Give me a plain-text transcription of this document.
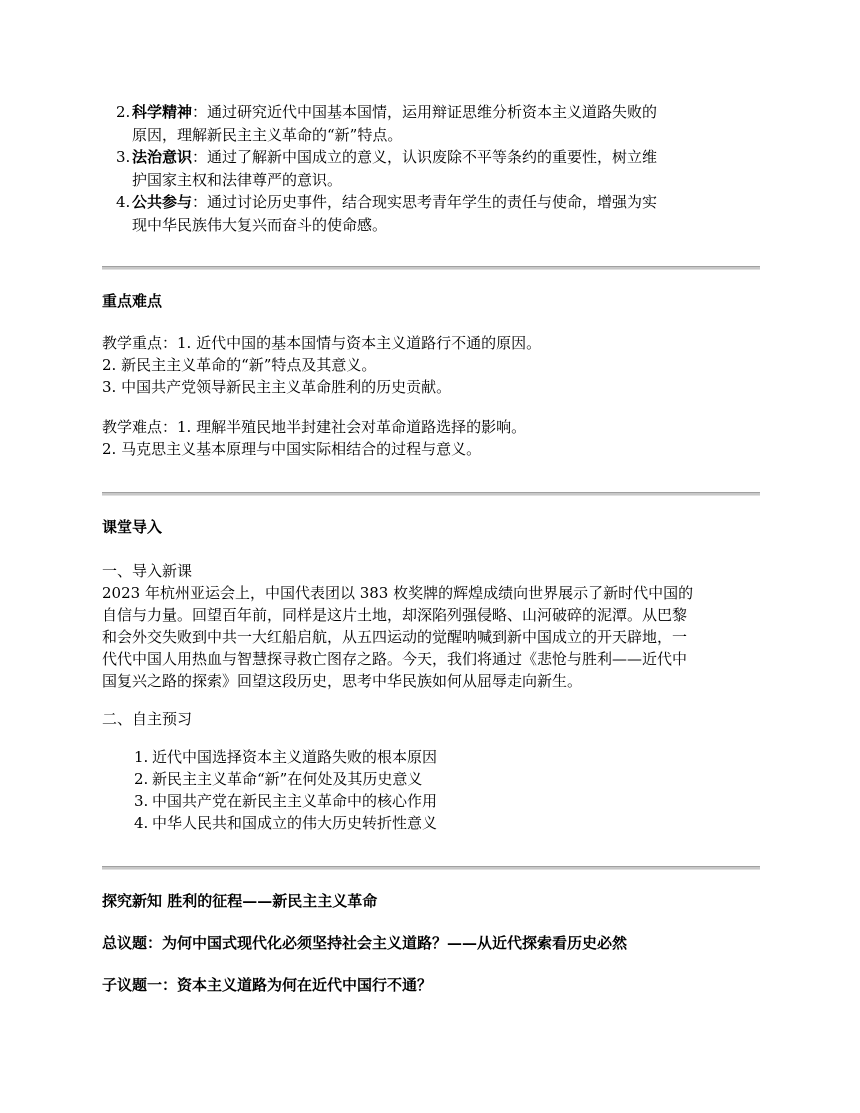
2. 科学精神：通过研究近代中国基本国情，运用辩证思维分析资本主义道路失败的
原因，理解新民主主义革命的“新”特点。
3. 法治意识：通过了解新中国成立的意义，认识废除不平等条约的重要性，树立维
护国家主权和法律尊严的意识。
4. 公共参与：通过讨论历史事件，结合现实思考青年学生的责任与使命，增强为实
现中华民族伟大复兴而奋斗的使命感。
重点难点
教学重点：1. 近代中国的基本国情与资本主义道路行不通的原因。
2. 新民主主义革命的“新”特点及其意义。
3. 中国共产党领导新民主主义革命胜利的历史贡献。
教学难点：1. 理解半殖民地半封建社会对革命道路选择的影响。
2. 马克思主义基本原理与中国实际相结合的过程与意义。
课堂导入
一、导入新课
2023 年杭州亚运会上，中国代表团以 383 枚奖牌的辉煌成绩向世界展示了新时代中国的
自信与力量。回望百年前，同样是这片土地，却深陷列强侵略、山河破碎的泥潭。从巴黎
和会外交失败到中共一大红船启航，从五四运动的觉醒呐喊到新中国成立的开天辟地，一
代代中国人用热血与智慧探寻救亡图存之路。今天，我们将通过《悲怆与胜利——近代中
国复兴之路的探索》回望这段历史，思考中华民族如何从屈辱走向新生。
二、自主预习
1. 近代中国选择资本主义道路失败的根本原因
2. 新民主主义革命“新”在何处及其历史意义
3. 中国共产党在新民主主义革命中的核心作用
4. 中华人民共和国成立的伟大历史转折性意义
探究新知 胜利的征程——新民主主义革命
总议题：为何中国式现代化必须坚持社会主义道路？——从近代探索看历史必然
子议题一：资本主义道路为何在近代中国行不通？
